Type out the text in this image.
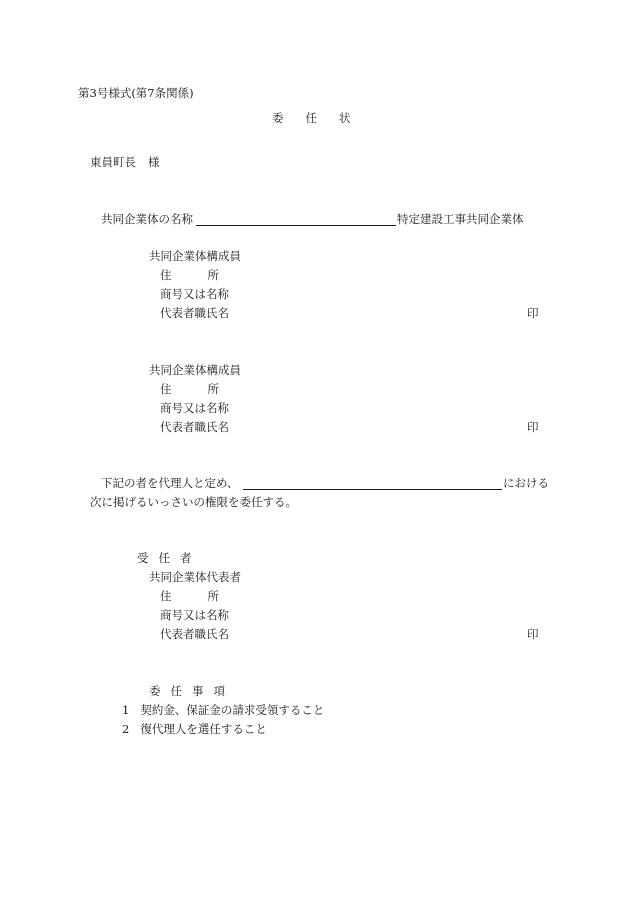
第3号様式(第7条関係)
委 任 状
東員町長 様
共同企業体の名称	特定建設工事共同企業体
共同企業体構成員
住	所
商号又は名称
代表者職氏名	印
共同企業体構成員
住	所
商号又は名称
代表者職氏名	印
下記の者を代理人と定め、	における
次に掲げるいっさいの権限を委任する。
受 任 者
共同企業体代表者
住	所
商号又は名称
代表者職氏名	印
委 任 事 項
1 契約金、保証金の請求受領すること
2 復代理人を選任すること
